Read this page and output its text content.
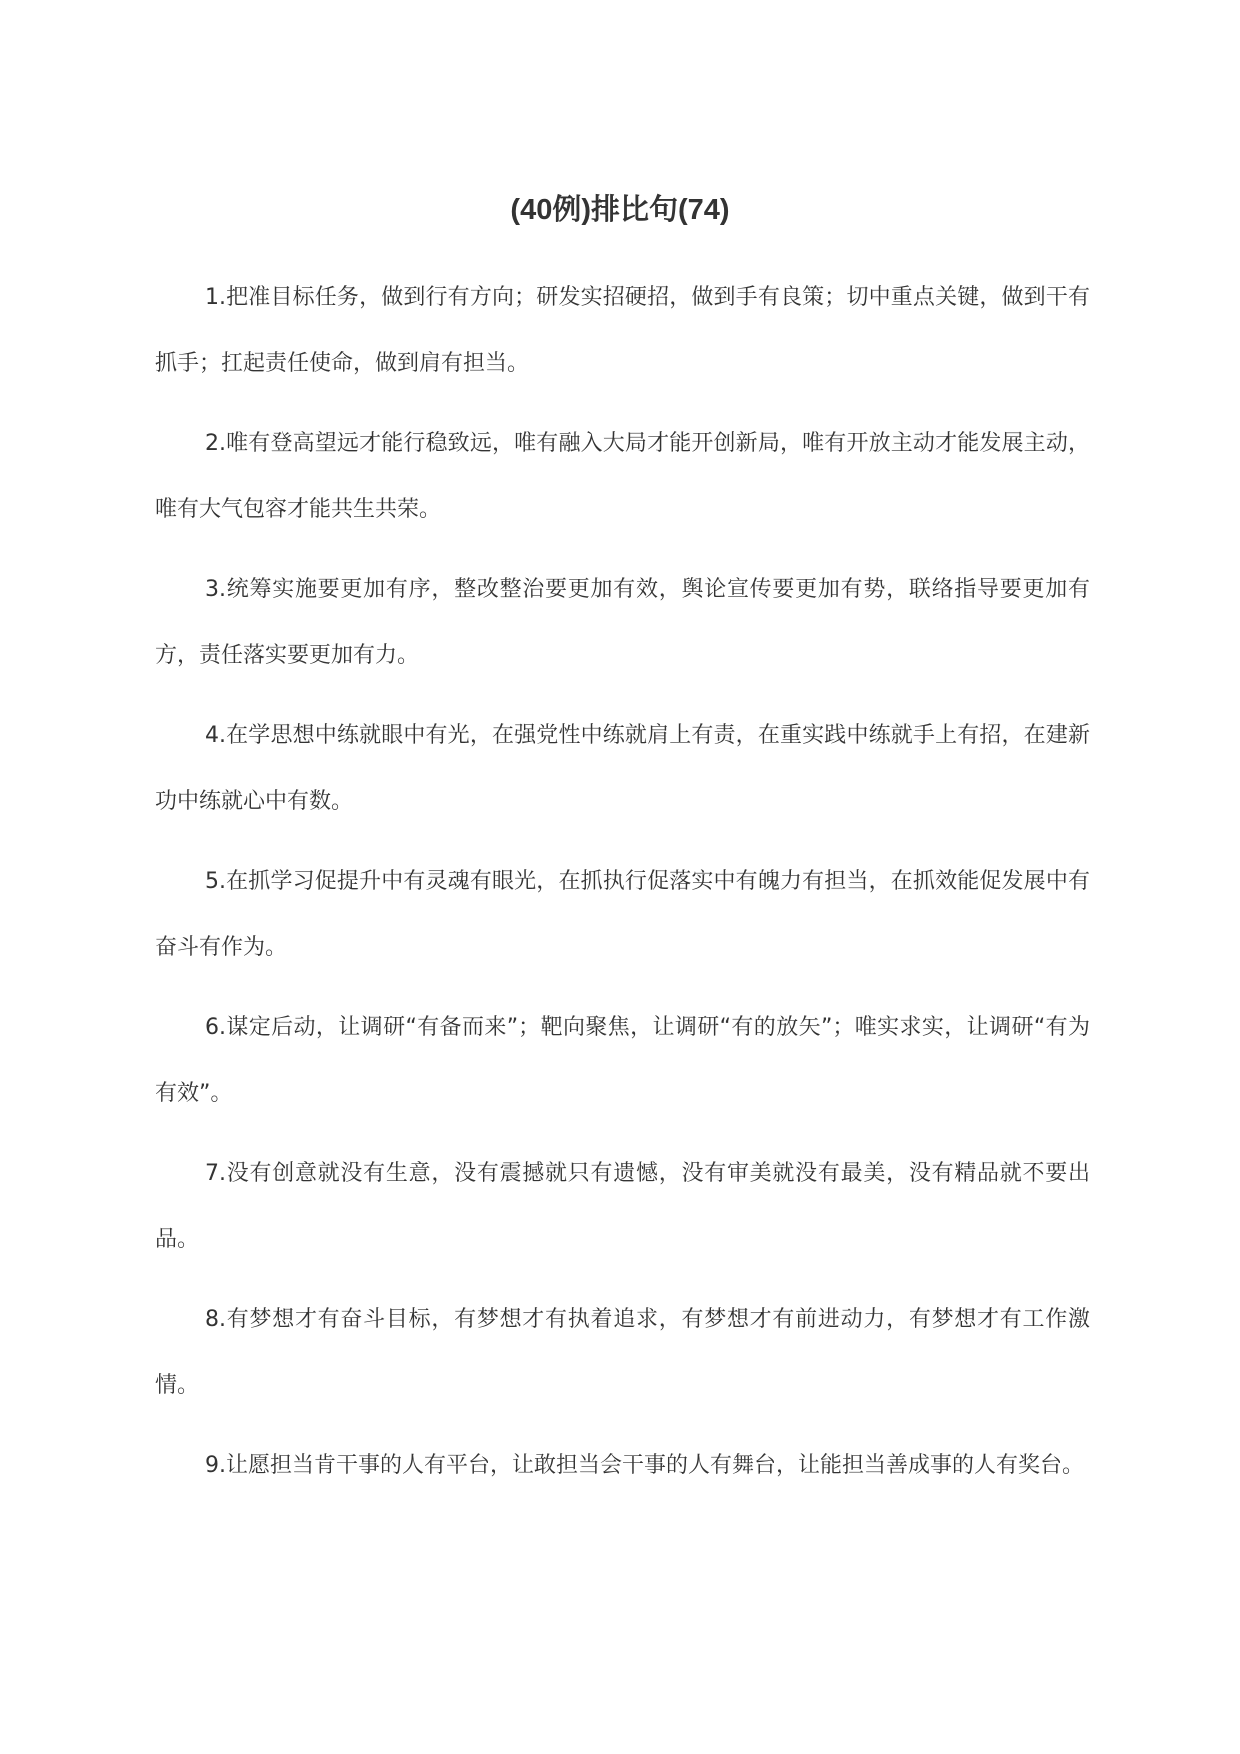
(40例)排比句(74)

1.把准目标任务，做到行有方向；研发实招硬招，做到手有良策；切中重点关键，做到干有抓手；扛起责任使命，做到肩有担当。

2.唯有登高望远才能行稳致远，唯有融入大局才能开创新局，唯有开放主动才能发展主动，唯有大气包容才能共生共荣。

3.统筹实施要更加有序，整改整治要更加有效，舆论宣传要更加有势，联络指导要更加有方，责任落实要更加有力。

4.在学思想中练就眼中有光，在强党性中练就肩上有责，在重实践中练就手上有招，在建新功中练就心中有数。

5.在抓学习促提升中有灵魂有眼光，在抓执行促落实中有魄力有担当，在抓效能促发展中有奋斗有作为。

6.谋定后动，让调研“有备而来”；靶向聚焦，让调研“有的放矢”；唯实求实，让调研“有为有效”。

7.没有创意就没有生意，没有震撼就只有遗憾，没有审美就没有最美，没有精品就不要出品。

8.有梦想才有奋斗目标，有梦想才有执着追求，有梦想才有前进动力，有梦想才有工作激情。

9.让愿担当肯干事的人有平台，让敢担当会干事的人有舞台，让能担当善成事的人有奖台。
